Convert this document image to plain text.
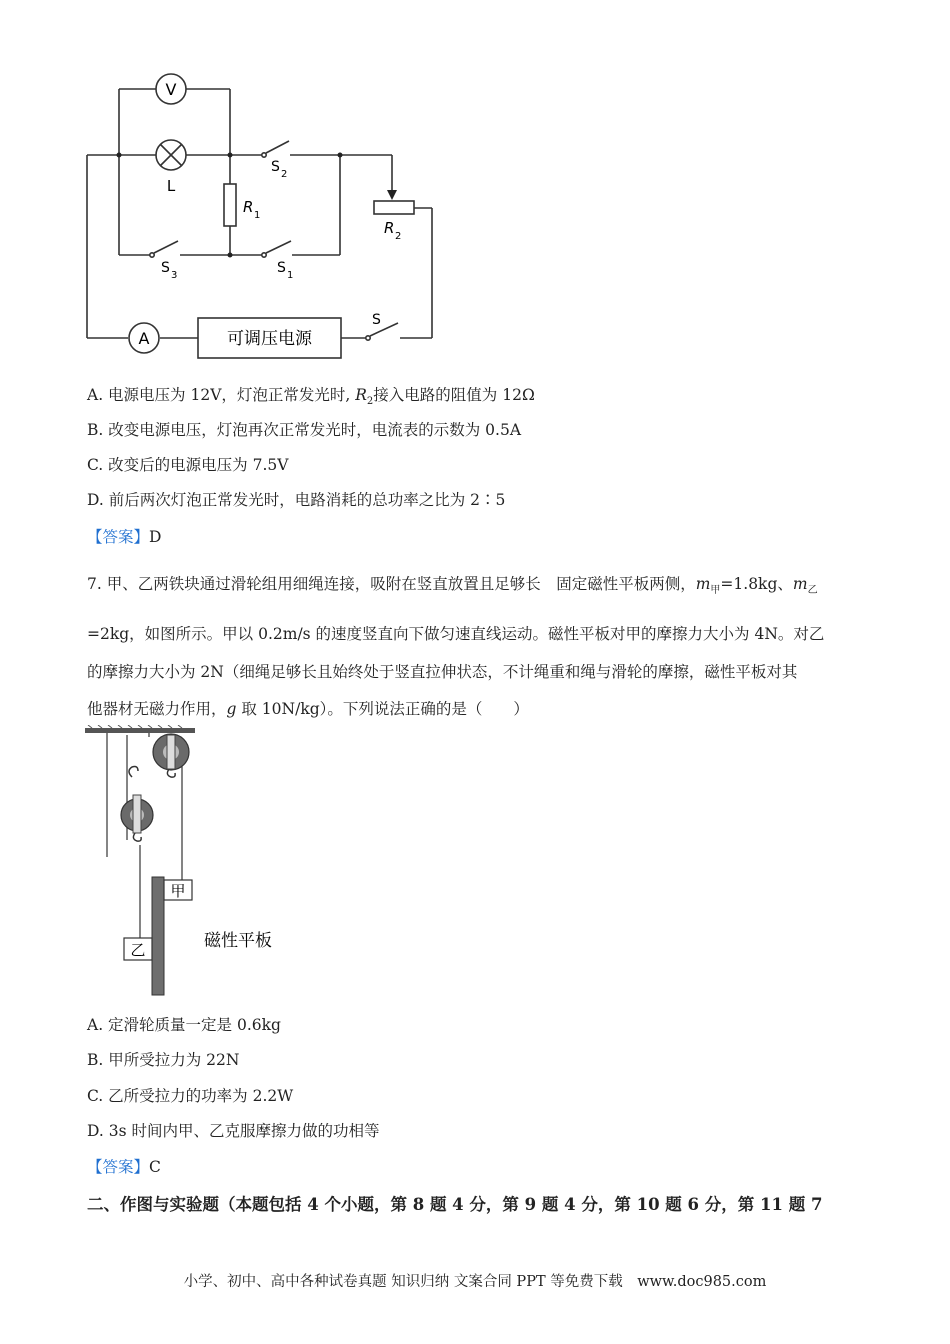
V
L
R 1
R 2
S 2
S 3	S 1
S
A	可调压电源
A. 电源电压为 12V，灯泡正常发光时, $R_2$接入电路的阻值为 12Ω
B. 改变电源电压，灯泡再次正常发光时，电流表的示数为 0.5A
C. 改变后的电源电压为 7.5V
D. 前后两次灯泡正常发光时，电路消耗的总功率之比为 2∶5
【答案】D
7. 甲、乙两铁块通过滑轮组用细绳连接，吸附在竖直放置且足够长　固定磁性平板两侧，$m_甲=1.8kg$、$m_乙$
=2kg，如图所示。甲以 0.2m/s 的速度竖直向下做匀速直线运动。磁性平板对甲的摩擦力大小为 4N。对乙
的摩擦力大小为 2N（细绳足够长且始终处于竖直拉伸状态，不计绳重和绳与滑轮的摩擦，磁性平板对其
他器材无磁力作用，g 取 10N/kg）。下列说法正确的是（　　）
甲
乙	磁性平板
A. 定滑轮质量一定是 0.6kg
B. 甲所受拉力为 22N
C. 乙所受拉力的功率为 2.2W
D. 3s 时间内甲、乙克服摩擦力做的功相等
【答案】C
二、作图与实验题（本题包括 4 个小题，第 8 题 4 分，第 9 题 4 分，第 10 题 6 分，第 11 题 7
小学、初中、高中各种试卷真题 知识归纳 文案合同 PPT 等免费下载　www.doc985.com
